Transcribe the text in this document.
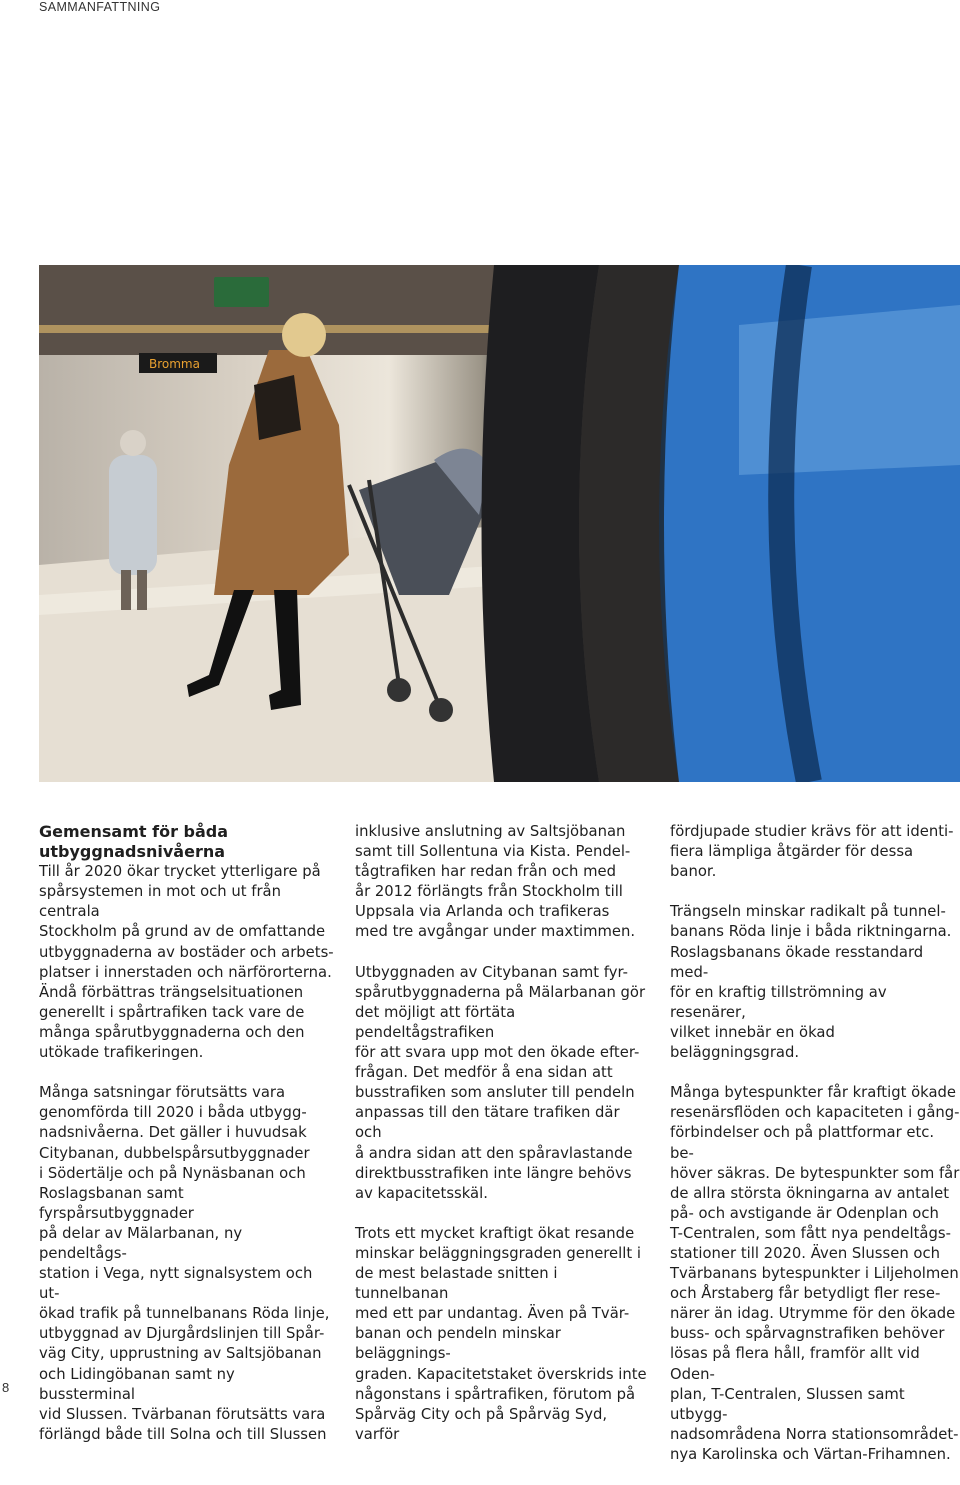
SAMMANFATTNING
Bromma
Gemensamt för båda
utbyggnadsnivåerna

Till år 2020 ökar trycket ytterligare på
spårsystemen in mot och ut från centrala
Stockholm på grund av de omfattande
utbyggnaderna av bostäder och arbets-
platser i innerstaden och närförorterna.
Ändå förbättras trängselsituationen
generellt i spårtrafiken tack vare de
många spårutbyggnaderna och den
utökade trafikeringen.

Många satsningar förutsätts vara
genomförda till 2020 i båda utbygg-
nadsnivåerna. Det gäller i huvudsak
Citybanan, dubbelspårsutbyggnader
i Södertälje och på Nynäsbanan och
Roslagsbanan samt fyrspårsutbyggnader
på delar av Mälarbanan, ny pendeltågs-
station i Vega, nytt signalsystem och ut-
ökad trafik på tunnelbanans Röda linje,
utbyggnad av Djurgårdslinjen till Spår-
väg City, upprustning av Saltsjöbanan
och Lidingöbanan samt ny bussterminal
vid Slussen. Tvärbanan förutsätts vara
förlängd både till Solna och till Slussen

inklusive anslutning av Saltsjöbanan
samt till Sollentuna via Kista. Pendel-
tågtrafiken har redan från och med
år 2012 förlängts från Stockholm till
Uppsala via Arlanda och trafikeras
med tre avgångar under maxtimmen.

Utbyggnaden av Citybanan samt fyr-
spårutbyggnaderna på Mälarbanan gör
det möjligt att förtäta pendeltågstrafiken
för att svara upp mot den ökade efter-
frågan. Det medför å ena sidan att
busstrafiken som ansluter till pendeln
anpassas till den tätare trafiken där och
å andra sidan att den spåravlastande
direktbusstrafiken inte längre behövs
av kapacitetsskäl.

Trots ett mycket kraftigt ökat resande
minskar beläggningsgraden generellt i
de mest belastade snitten i tunnelbanan
med ett par undantag. Även på Tvär-
banan och pendeln minskar beläggnings-
graden. Kapacitetstaket överskrids inte
någonstans i spårtrafiken, förutom på
Spårväg City och på Spårväg Syd, varför

fördjupade studier krävs för att identi-
fiera lämpliga åtgärder för dessa banor.

Trängseln minskar radikalt på tunnel-
banans Röda linje i båda riktningarna.
Roslagsbanans ökade resstandard med-
för en kraftig tillströmning av resenärer,
vilket innebär en ökad beläggningsgrad.

Många bytespunkter får kraftigt ökade
resenärsflöden och kapaciteten i gång-
förbindelser och på plattformar etc. be-
höver säkras. De bytespunkter som får
de allra största ökningarna av antalet
på- och avstigande är Odenplan och
T-Centralen, som fått nya pendeltågs-
stationer till 2020. Även Slussen och
Tvärbanans bytespunkter i Liljeholmen
och Årstaberg får betydligt fler rese-
närer än idag. Utrymme för den ökade
buss- och spårvagnstrafiken behöver
lösas på flera håll, framför allt vid Oden-
plan, T-Centralen, Slussen samt utbygg-
nadsområdena Norra stationsområdet-
nya Karolinska och Värtan-Frihamnen.

8
